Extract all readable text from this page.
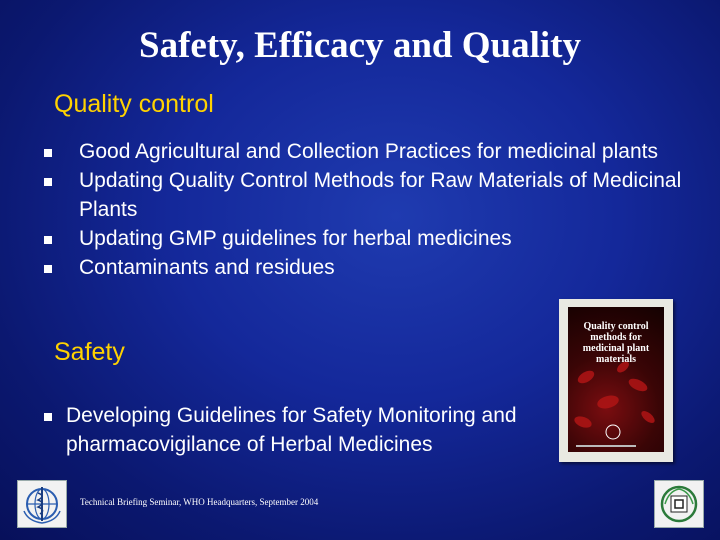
Safety, Efficacy and Quality
Quality control
Good Agricultural and Collection Practices for medicinal plants
Updating Quality Control Methods for Raw Materials of Medicinal Plants
Updating GMP guidelines for herbal medicines
Contaminants and residues
Safety
Developing Guidelines for Safety Monitoring and pharmacovigilance of Herbal Medicines
Quality control methods for medicinal plant materials
Technical Briefing Seminar, WHO Headquarters, September 2004
